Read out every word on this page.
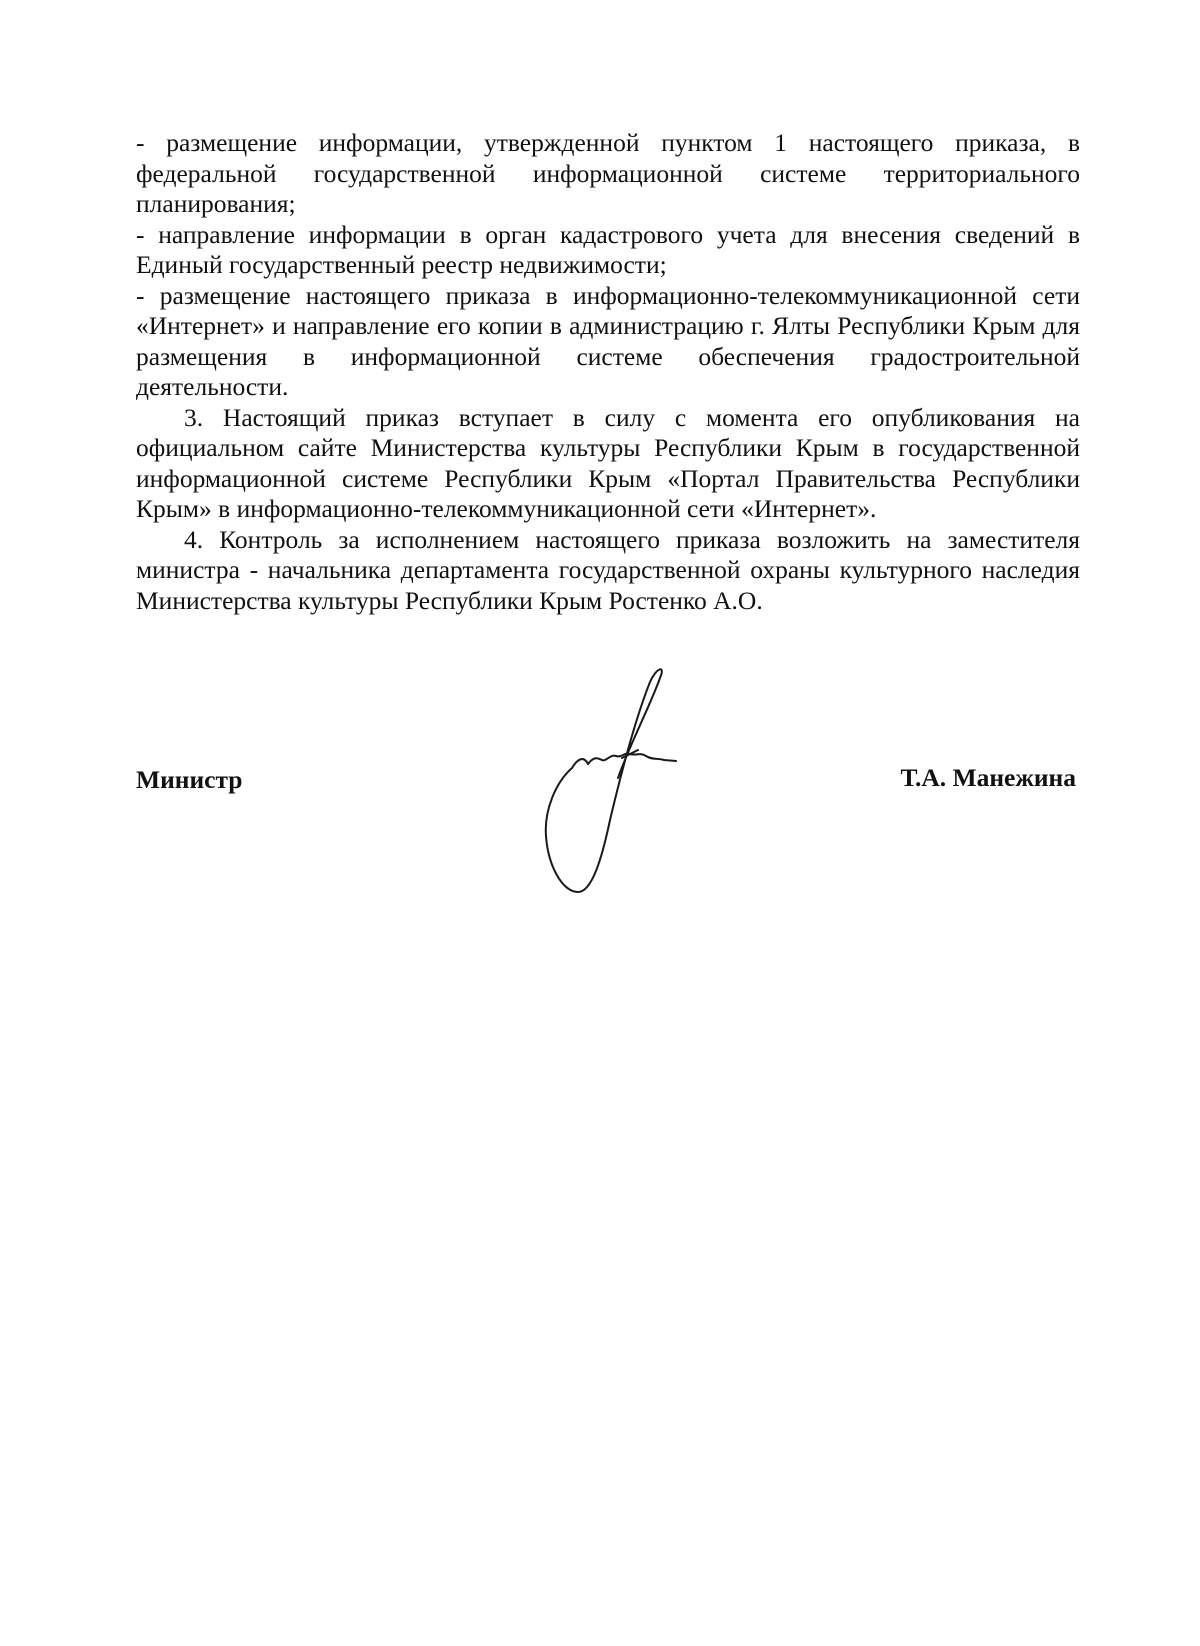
- размещение информации, утвержденной пунктом 1 настоящего приказа, в федеральной государственной информационной системе территориального планирования;

- направление информации в орган кадастрового учета для внесения сведений в Единый государственный реестр недвижимости;

- размещение настоящего приказа в информационно-телекоммуникационной сети «Интернет» и направление его копии в администрацию г. Ялты Республики Крым для размещения в информационной системе обеспечения градостроительной деятельности.

3. Настоящий приказ вступает в силу с момента его опубликования на официальном сайте Министерства культуры Республики Крым в государственной информационной системе Республики Крым «Портал Правительства Республики Крым» в информационно-телекоммуникационной сети «Интернет».

4. Контроль за исполнением настоящего приказа возложить на заместителя министра - начальника департамента государственной охраны культурного наследия Министерства культуры Республики Крым Ростенко А.О.

Министр	Т.А. Манежина
